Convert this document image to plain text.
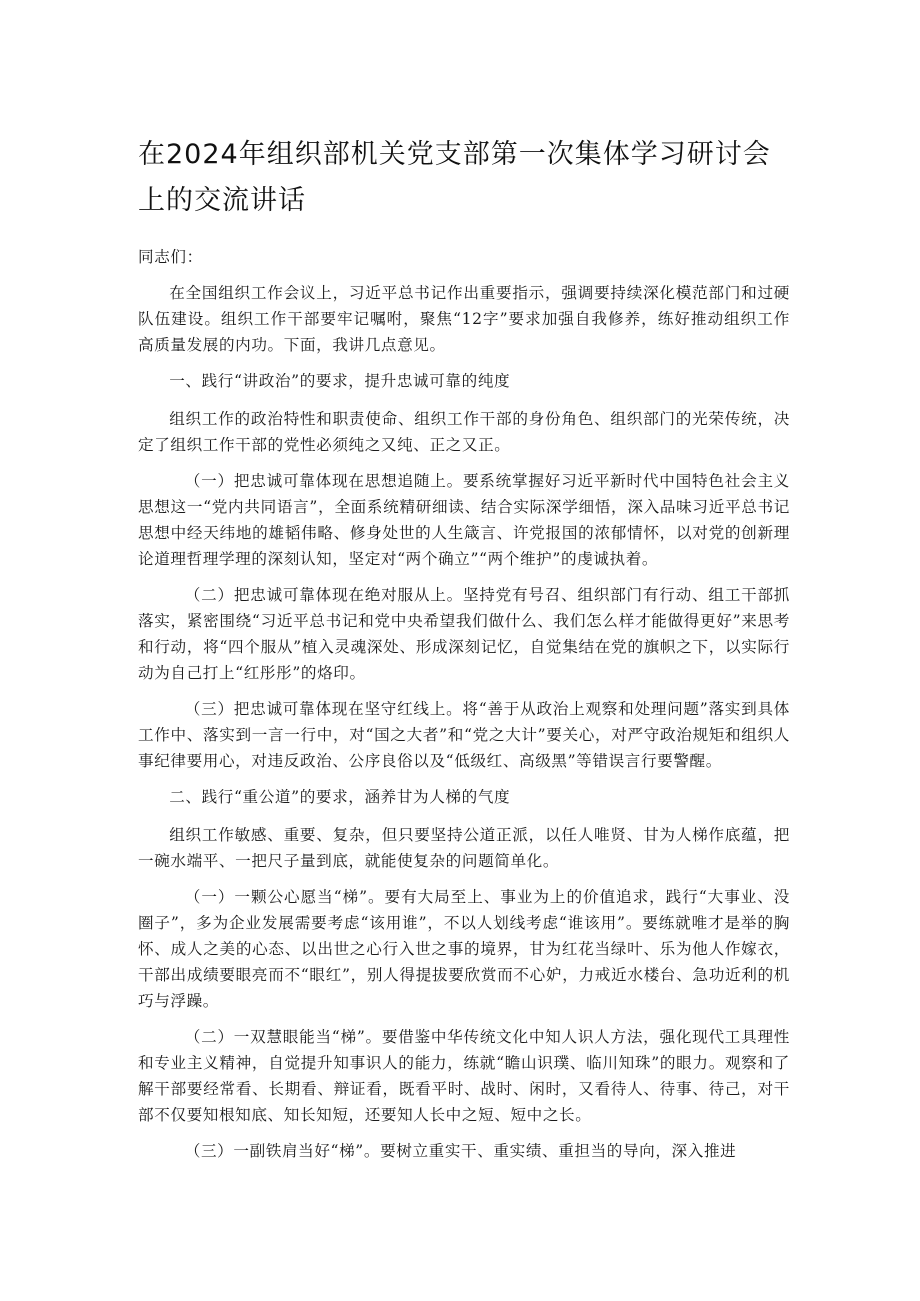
在2024年组织部机关党支部第一次集体学习研讨会上的交流讲话

同志们：

在全国组织工作会议上，习近平总书记作出重要指示，强调要持续深化模范部门和过硬队伍建设。组织工作干部要牢记嘱咐，聚焦“12字”要求加强自我修养，练好推动组织工作高质量发展的内功。下面，我讲几点意见。

一、践行“讲政治”的要求，提升忠诚可靠的纯度

组织工作的政治特性和职责使命、组织工作干部的身份角色、组织部门的光荣传统，决定了组织工作干部的党性必须纯之又纯、正之又正。

（一）把忠诚可靠体现在思想追随上。要系统掌握好习近平新时代中国特色社会主义思想这一“党内共同语言”，全面系统精研细读、结合实际深学细悟，深入品味习近平总书记思想中经天纬地的雄韬伟略、修身处世的人生箴言、许党报国的浓郁情怀，以对党的创新理论道理哲理学理的深刻认知，坚定对“两个确立”“两个维护”的虔诚执着。

（二）把忠诚可靠体现在绝对服从上。坚持党有号召、组织部门有行动、组工干部抓落实，紧密围绕“习近平总书记和党中央希望我们做什么、我们怎么样才能做得更好”来思考和行动，将“四个服从”植入灵魂深处、形成深刻记忆，自觉集结在党的旗帜之下，以实际行动为自己打上“红彤彤”的烙印。

（三）把忠诚可靠体现在坚守红线上。将“善于从政治上观察和处理问题”落实到具体工作中、落实到一言一行中，对“国之大者”和“党之大计”要关心，对严守政治规矩和组织人事纪律要用心，对违反政治、公序良俗以及“低级红、高级黑”等错误言行要警醒。

二、践行“重公道”的要求，涵养甘为人梯的气度

组织工作敏感、重要、复杂，但只要坚持公道正派，以任人唯贤、甘为人梯作底蕴，把一碗水端平、一把尺子量到底，就能使复杂的问题简单化。

（一）一颗公心愿当“梯”。要有大局至上、事业为上的价值追求，践行“大事业、没圈子”，多为企业发展需要考虑“该用谁”，不以人划线考虑“谁该用”。要练就唯才是举的胸怀、成人之美的心态、以出世之心行入世之事的境界，甘为红花当绿叶、乐为他人作嫁衣，干部出成绩要眼亮而不“眼红”，别人得提拔要欣赏而不心妒，力戒近水楼台、急功近利的机巧与浮躁。

（二）一双慧眼能当“梯”。要借鉴中华传统文化中知人识人方法，强化现代工具理性和专业主义精神，自觉提升知事识人的能力，练就“瞻山识璞、临川知珠”的眼力。观察和了解干部要经常看、长期看、辩证看，既看平时、战时、闲时，又看待人、待事、待己，对干部不仅要知根知底、知长知短，还要知人长中之短、短中之长。

（三）一副铁肩当好“梯”。要树立重实干、重实绩、重担当的导向，深入推进
